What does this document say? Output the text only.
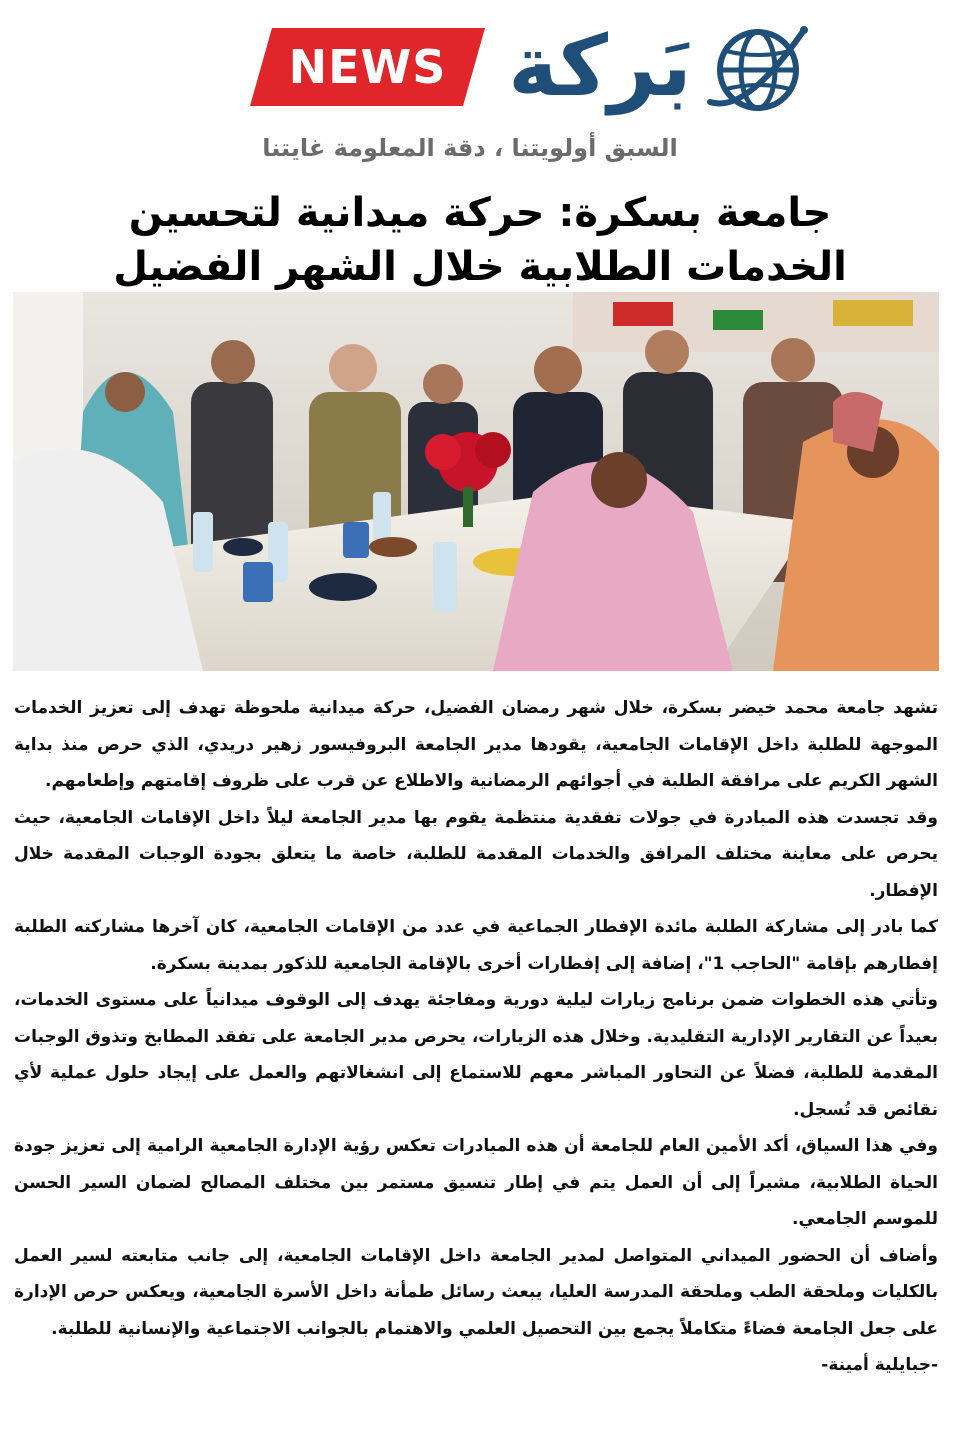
NEWS بَركة
السبق أولويتنا ، دقة المعلومة غايتنا
جامعة بسكرة: حركة ميدانية لتحسين
الخدمات الطلابية خلال الشهر الفضيل

تشهد جامعة محمد خيضر بسكرة، خلال شهر رمضان الفضيل، حركة ميدانية ملحوظة تهدف إلى تعزيز الخدمات الموجهة للطلبة داخل الإقامات الجامعية، يقودها مدير الجامعة البروفيسور زهير دريدي، الذي حرص منذ بداية الشهر الكريم على مرافقة الطلبة في أجوائهم الرمضانية والاطلاع عن قرب على ظروف إقامتهم وإطعامهم.

وقد تجسدت هذه المبادرة في جولات تفقدية منتظمة يقوم بها مدير الجامعة ليلاً داخل الإقامات الجامعية، حيث يحرص على معاينة مختلف المرافق والخدمات المقدمة للطلبة، خاصة ما يتعلق بجودة الوجبات المقدمة خلال الإفطار.

كما بادر إلى مشاركة الطلبة مائدة الإفطار الجماعية في عدد من الإقامات الجامعية، كان آخرها مشاركته الطلبة إفطارهم بإقامة "الحاجب 1"، إضافة إلى إفطارات أخرى بالإقامة الجامعية للذكور بمدينة بسكرة.

وتأتي هذه الخطوات ضمن برنامج زيارات ليلية دورية ومفاجئة يهدف إلى الوقوف ميدانياً على مستوى الخدمات، بعيداً عن التقارير الإدارية التقليدية. وخلال هذه الزيارات، يحرص مدير الجامعة على تفقد المطابخ وتذوق الوجبات المقدمة للطلبة، فضلاً عن التحاور المباشر معهم للاستماع إلى انشغالاتهم والعمل على إيجاد حلول عملية لأي نقائص قد تُسجل.

وفي هذا السياق، أكد الأمين العام للجامعة أن هذه المبادرات تعكس رؤية الإدارة الجامعية الرامية إلى تعزيز جودة الحياة الطلابية، مشيراً إلى أن العمل يتم في إطار تنسيق مستمر بين مختلف المصالح لضمان السير الحسن للموسم الجامعي.

وأضاف أن الحضور الميداني المتواصل لمدير الجامعة داخل الإقامات الجامعية، إلى جانب متابعته لسير العمل بالكليات وملحقة الطب وملحقة المدرسة العليا، يبعث رسائل طمأنة داخل الأسرة الجامعية، ويعكس حرص الإدارة على جعل الجامعة فضاءً متكاملاً يجمع بين التحصيل العلمي والاهتمام بالجوانب الاجتماعية والإنسانية للطلبة.

-جبايلية أمينة-
